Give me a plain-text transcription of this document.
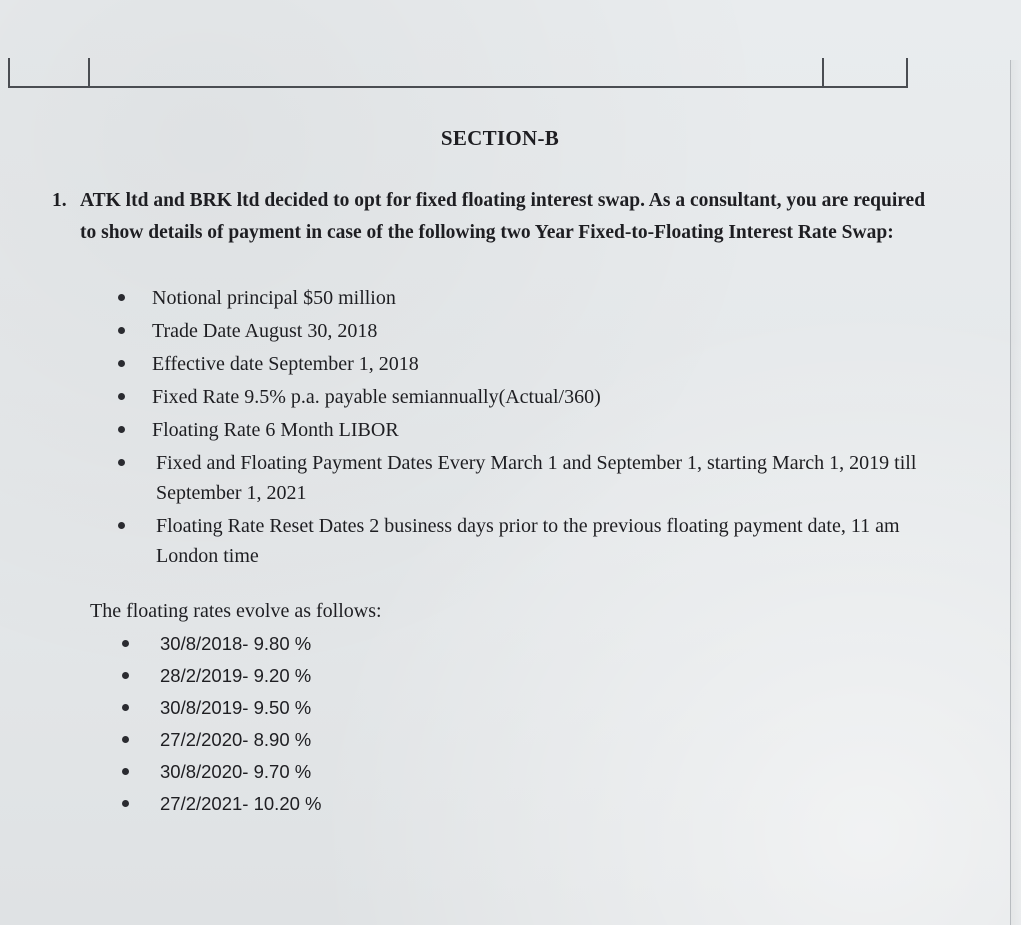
SECTION-B
1. ATK ltd and BRK ltd decided to opt for fixed floating interest swap. As a consultant, you are required to show details of payment in case of the following two Year Fixed-to-Floating Interest Rate Swap:
Notional principal $50 million
Trade Date August 30, 2018
Effective date September 1, 2018
Fixed Rate 9.5% p.a. payable semiannually(Actual/360)
Floating Rate 6 Month LIBOR
Fixed and Floating Payment Dates Every March 1 and September 1, starting March 1, 2019 till September 1, 2021
Floating Rate Reset Dates 2 business days prior to the previous floating payment date, 11 am London time
The floating rates evolve as follows:
30/8/2018- 9.80 %
28/2/2019- 9.20 %
30/8/2019- 9.50 %
27/2/2020- 8.90 %
30/8/2020- 9.70 %
27/2/2021- 10.20 %
